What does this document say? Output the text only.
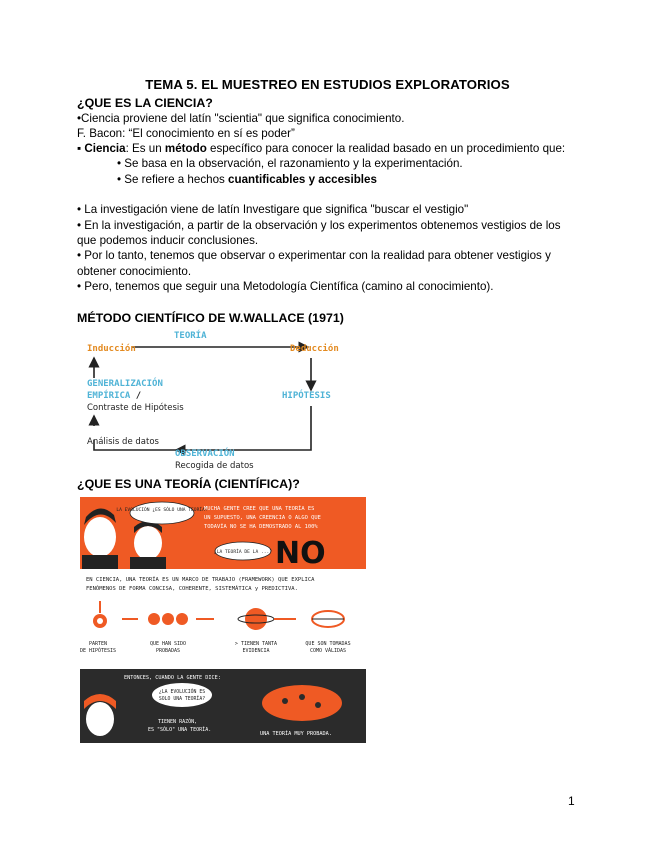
TEMA 5. EL MUESTREO EN ESTUDIOS EXPLORATORIOS
¿QUE ES LA CIENCIA?
•Ciencia proviene del latín "scientia" que significa conocimiento.
F. Bacon: “El conocimiento en sí es poder”
▪ Ciencia: Es un método específico para conocer la realidad basado en un procedimiento que:
• Se basa en la observación, el razonamiento y la experimentación.
• Se refiere a hechos cuantificables y accesibles
• La investigación viene de latín Investigare que significa "buscar el vestigio"
• En la investigación, a partir de la observación y los experimentos obtenemos vestigios de los
que podemos inducir conclusiones.
• Por lo tanto, tenemos que observar o experimentar con la realidad para obtener vestigios y
obtener conocimiento.
• Pero, tenemos que seguir una Metodología Científica (camino al conocimiento).
MÉTODO CIENTÍFICO DE W.WALLACE (1971)
TEORÍA
Inducción	Deducción
GENERALIZACIÓN
EMPÍRICA /
Contraste de Hipótesis
HIPÓTESIS
Análisis de datos
OBSERVACIÓN
Recogida de datos
¿QUE ES UNA TEORÍA (CIENTÍFICA)?
LA EVOLUCIÓN ¿ES SÓLO UNA TEORÍA?
MUCHA GENTE CREE QUE UNA TEORÍA ES
UN SUPUESTO, UNA CREENCIA O ALGO QUE
TODAVÍA NO SE HA DEMOSTRADO AL 100%
¿LA TEORÍA DE LA ...? NO
EN CIENCIA, UNA TEORÍA ES UN MARCO DE TRABAJO (FRAMEWORK) QUE EXPLICA
FENÓMENOS DE FORMA CONCISA, COHERENTE, SISTEMÁTICA y PREDICTIVA.
PARTEN
DE HIPÓTESIS
QUE HAN SIDO
PROBADAS
> TIENEN TANTA
EVIDENCIA
QUE SON TOMADAS
COMO VÁLIDAS
ENTONCES, CUANDO LA GENTE DICE:
¿LA EVOLUCIÓN ES
SOLO UNA TEORÍA?
TIENEN RAZÓN,
ES "SÓLO" UNA TEORÍA.
UNA TEORÍA MUY PROBADA.
1
